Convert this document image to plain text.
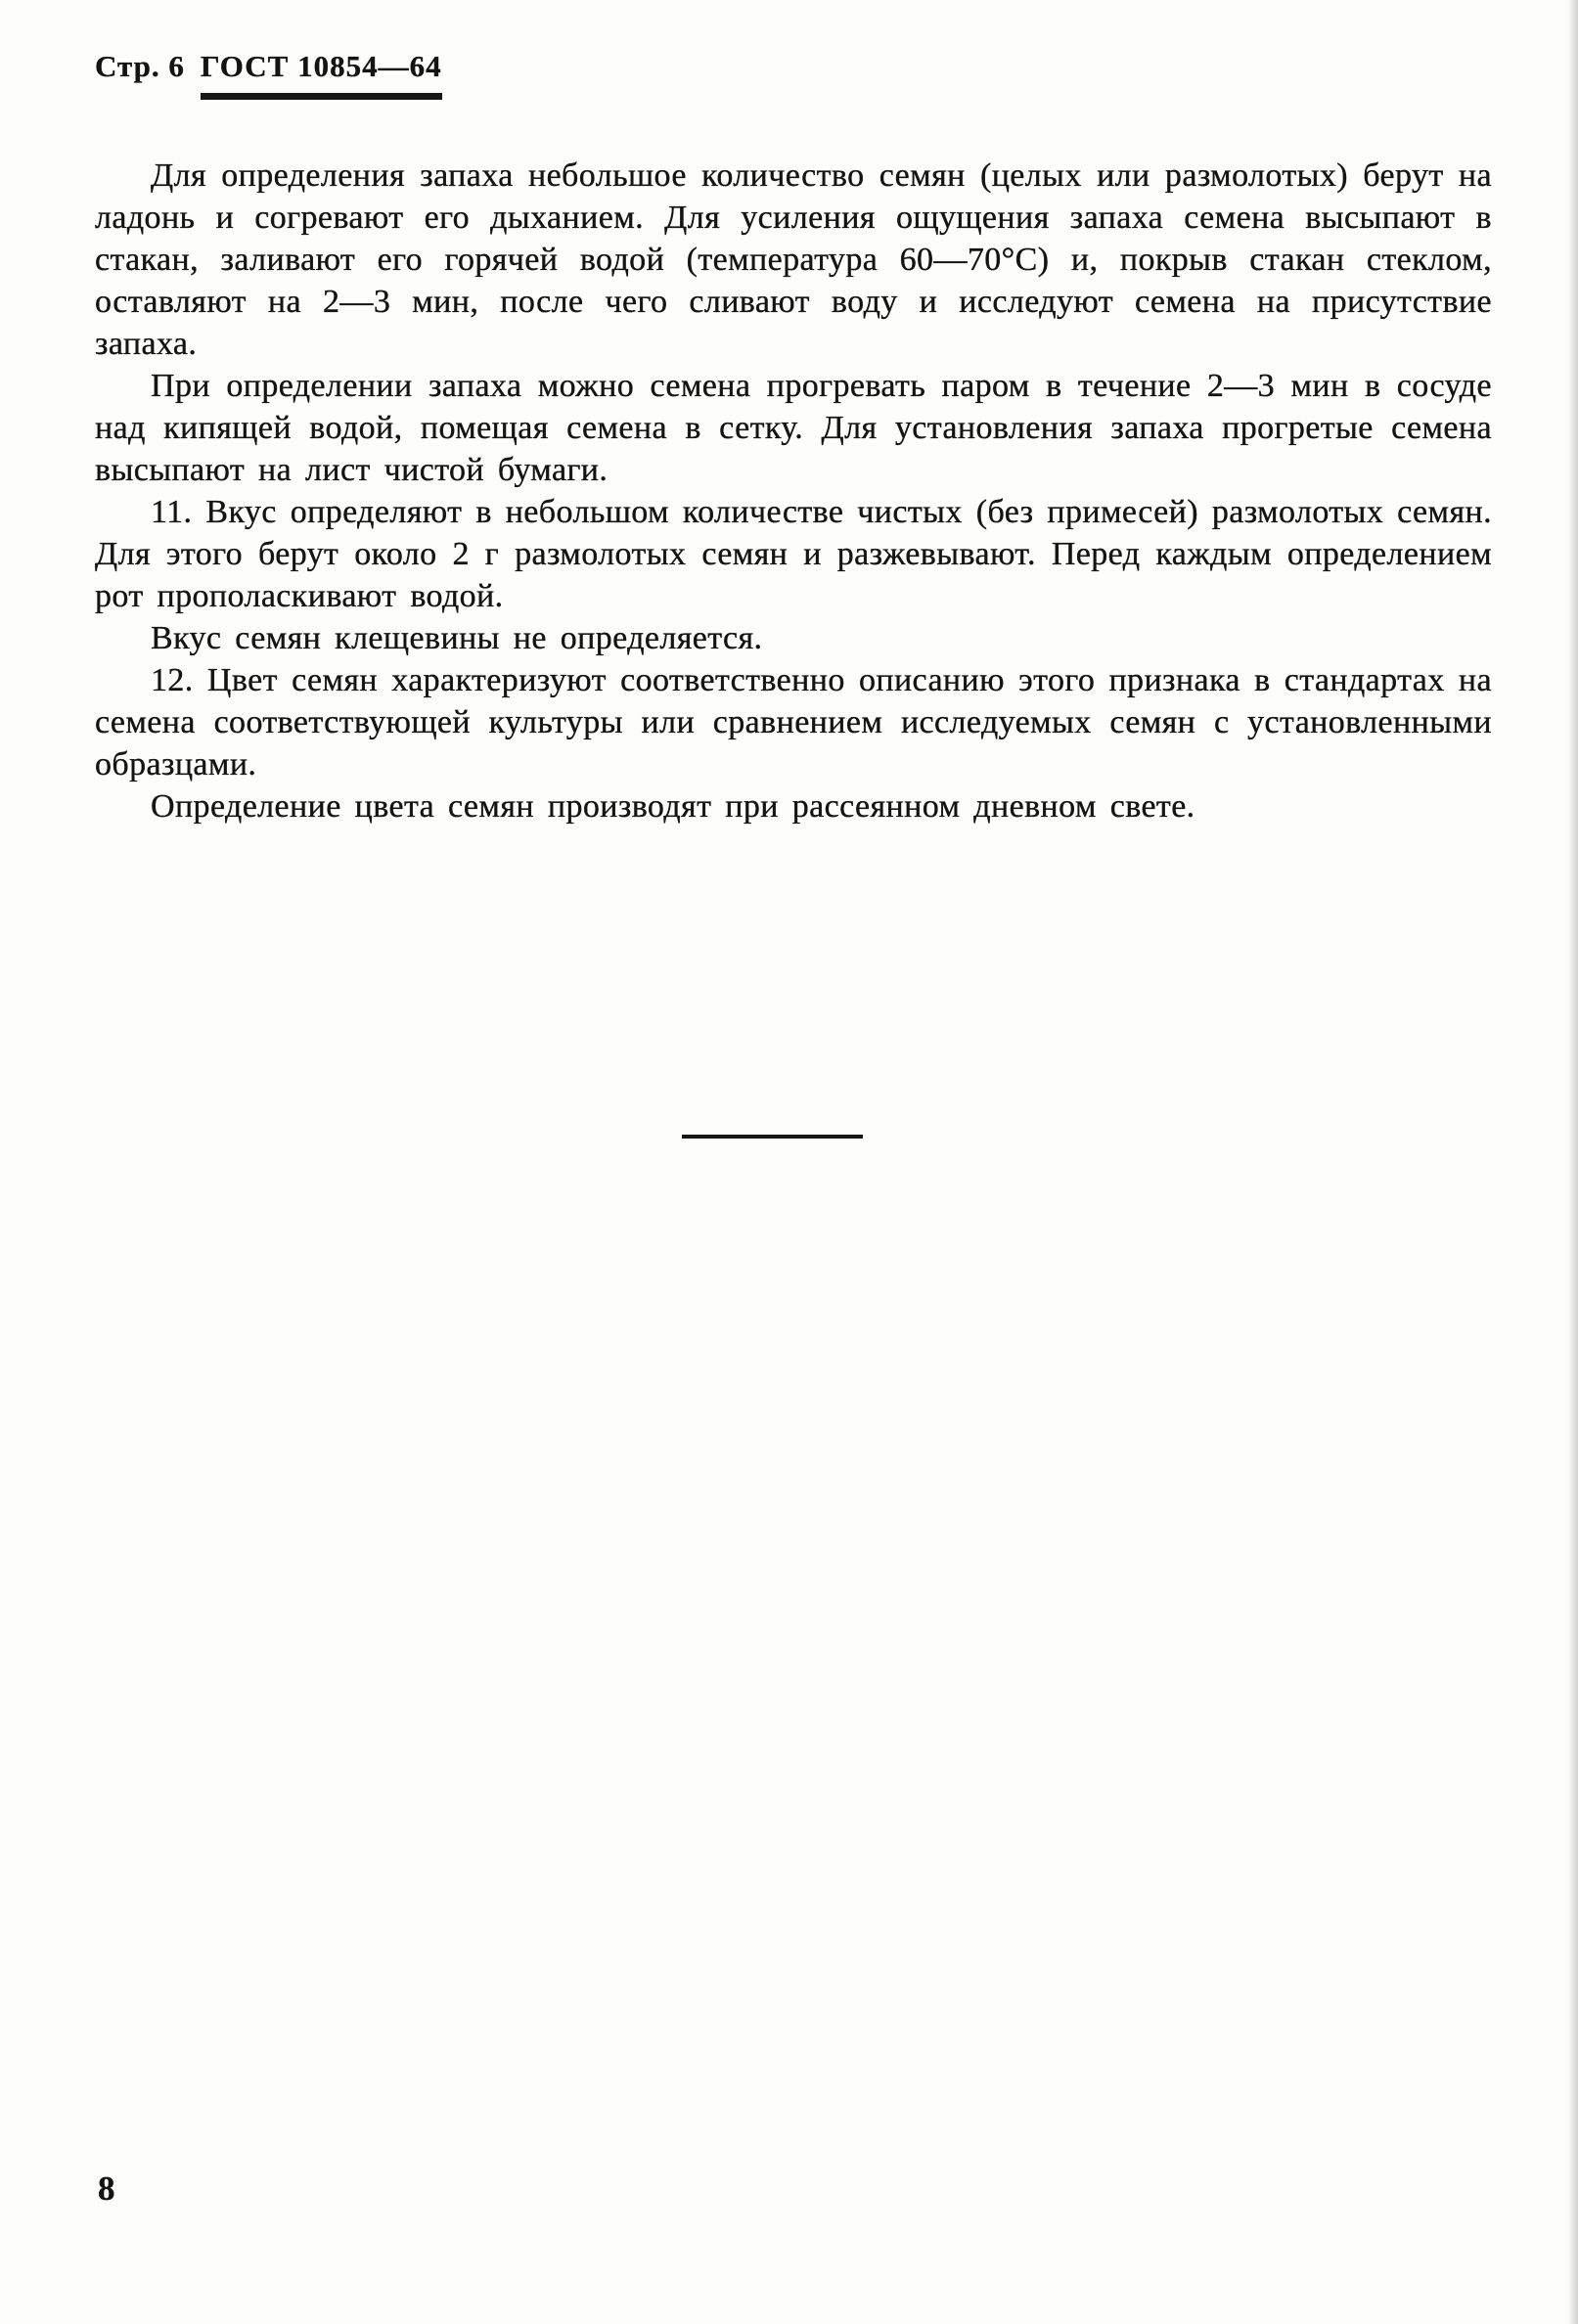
Стр. 6 ГОСТ 10854—64

Для определения запаха небольшое количество семян (целых или размолотых) берут на ладонь и согревают его дыханием. Для усиления ощущения запаха семена высыпают в стакан, заливают его горячей водой (температура 60—70°С) и, покрыв стакан стеклом, оставляют на 2—3 мин, после чего сливают воду и исследуют семена на присутствие запаха.

При определении запаха можно семена прогревать паром в течение 2—3 мин в сосуде над кипящей водой, помещая семена в сетку. Для установления запаха прогретые семена высыпают на лист чистой бумаги.

11. Вкус определяют в небольшом количестве чистых (без примесей) размолотых семян. Для этого берут около 2 г размолотых семян и разжевывают. Перед каждым определением рот прополаскивают водой.

Вкус семян клещевины не определяется.

12. Цвет семян характеризуют соответственно описанию этого признака в стандартах на семена соответствующей культуры или сравнением исследуемых семян с установленными образцами.

Определение цвета семян производят при рассеянном дневном свете.

8
